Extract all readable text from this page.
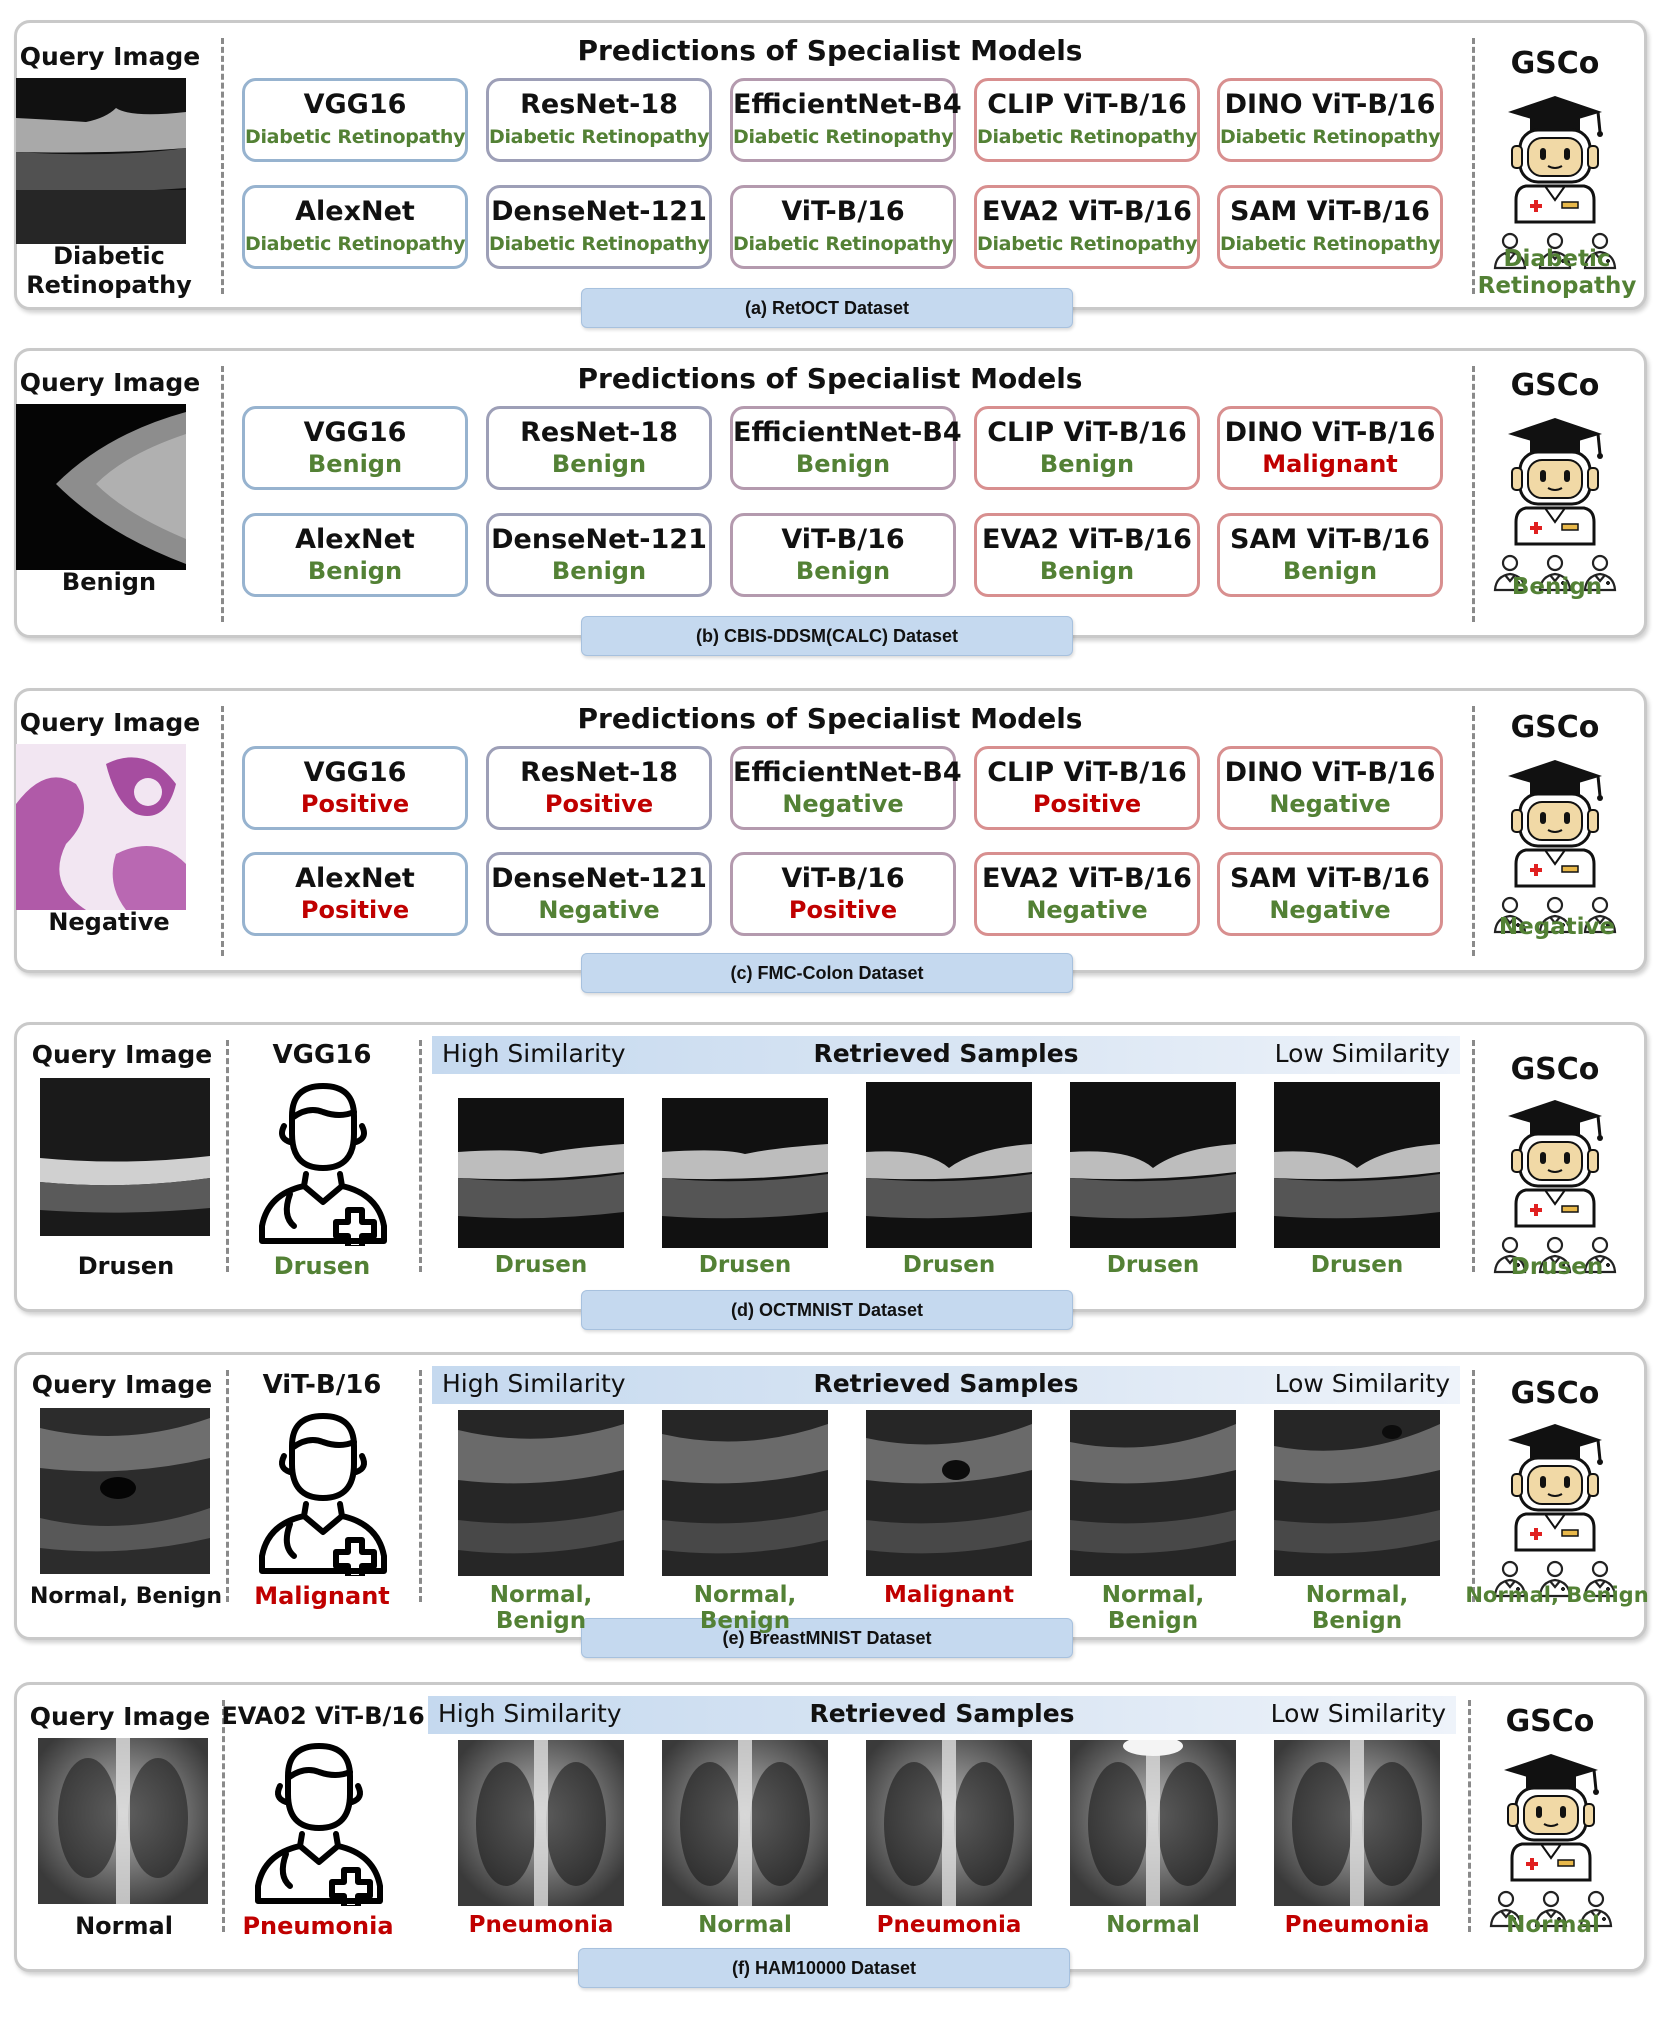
Query Image
Diabetic
Retinopathy
Predictions of Specialist Models	GSCo
Diabetic
Retinopathy
(a) RetOCT Dataset
Query Image
Benign
Predictions of Specialist Models	GSCo
Benign
(b) CBIS-DDSM(CALC) Dataset
Query Image
Negative
Predictions of Specialist Models	GSCo
Negative
(c) FMC-Colon Dataset
VGG16
Diabetic Retinopathy
ResNet-18
Diabetic Retinopathy
EfficientNet-B4
Diabetic Retinopathy
CLIP ViT-B/16
Diabetic Retinopathy
DINO ViT-B/16
Diabetic Retinopathy
AlexNet
Diabetic Retinopathy
DenseNet-121
Diabetic Retinopathy
ViT-B/16
Diabetic Retinopathy
EVA2 ViT-B/16
Diabetic Retinopathy
SAM ViT-B/16
Diabetic Retinopathy
VGG16
Benign
ResNet-18
Benign
EfficientNet-B4
Benign
CLIP ViT-B/16
Benign
DINO ViT-B/16
Malignant
AlexNet
Benign
DenseNet-121
Benign
ViT-B/16
Benign
EVA2 ViT-B/16
Benign
SAM ViT-B/16
Benign
VGG16
Positive
ResNet-18
Positive
EfficientNet-B4
Negative
CLIP ViT-B/16
Positive
DINO ViT-B/16
Negative
AlexNet
Positive
DenseNet-121
Negative
ViT-B/16
Positive
EVA2 ViT-B/16
Negative
SAM ViT-B/16
Negative
Query Image
Drusen
VGG16
Drusen
High Similarity	Retrieved Samples	Low Similarity	GSCo
Drusen
(d) OCTMNIST Dataset
Query Image
Normal, Benign
ViT-B/16
Malignant
High Similarity	Retrieved Samples	Low Similarity	GSCo
Normal, Benign
(e) BreastMNIST Dataset
Query Image
Normal
EVA02 ViT-B/16
Pneumonia
High Similarity	Retrieved Samples	Low Similarity	GSCo
Normal
(f) HAM10000 Dataset
Drusen	Drusen	Drusen	Drusen	Drusen
Normal, Benign
Normal, Benign
Malignant	Normal, Benign
Normal, Benign
Pneumonia	Normal	Pneumonia	Normal	Pneumonia
